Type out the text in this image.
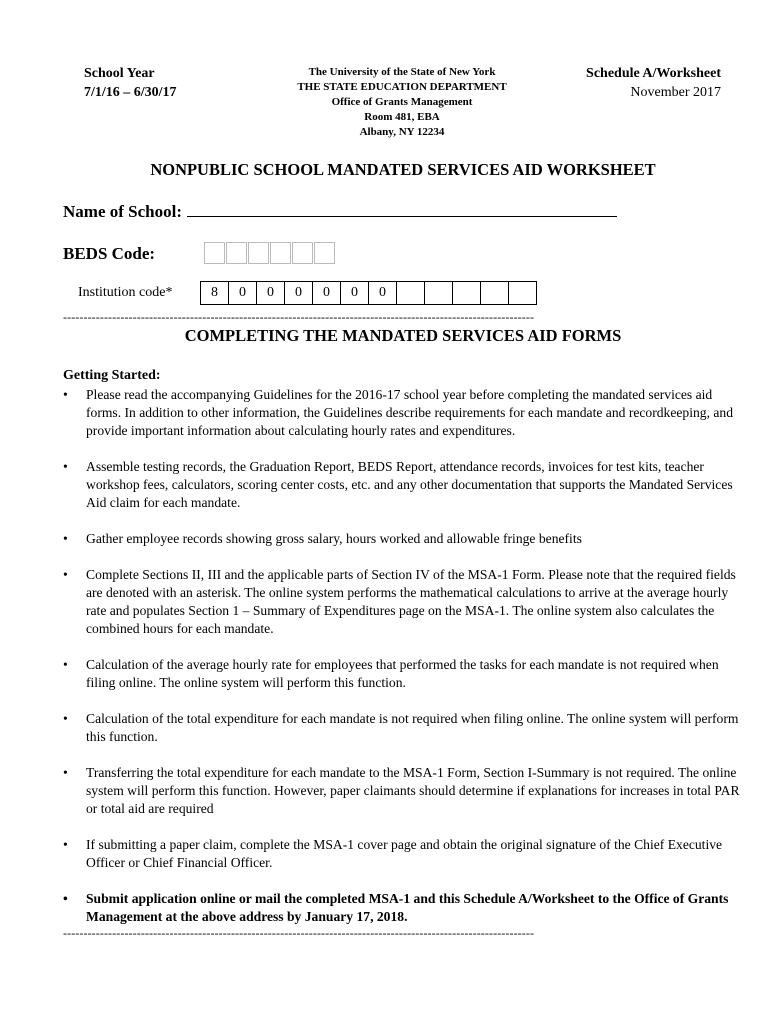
School Year
7/1/16 – 6/30/17
The University of the State of New York
THE STATE EDUCATION DEPARTMENT
Office of Grants Management
Room 481, EBA
Albany, NY 12234
Schedule A/Worksheet
November 2017
NONPUBLIC SCHOOL MANDATED SERVICES AID WORKSHEET
Name of School:
BEDS Code:
Institution code*	8	0	0	0	0	0	0					
-------------------------------------------------------------------------------------------------------------------
COMPLETING THE MANDATED SERVICES AID FORMS
Getting Started:
• Please read the accompanying Guidelines for the 2016-17 school year before completing the mandated services aid forms. In addition to other information, the Guidelines describe requirements for each mandate and recordkeeping, and provide important information about calculating hourly rates and expenditures.
• Assemble testing records, the Graduation Report, BEDS Report, attendance records, invoices for test kits, teacher workshop fees, calculators, scoring center costs, etc. and any other documentation that supports the Mandated Services Aid claim for each mandate.
• Gather employee records showing gross salary, hours worked and allowable fringe benefits
• Complete Sections II, III and the applicable parts of Section IV of the MSA-1 Form. Please note that the required fields are denoted with an asterisk. The online system performs the mathematical calculations to arrive at the average hourly rate and populates Section 1 – Summary of Expenditures page on the MSA-1. The online system also calculates the combined hours for each mandate.
• Calculation of the average hourly rate for employees that performed the tasks for each mandate is not required when filing online. The online system will perform this function.
• Calculation of the total expenditure for each mandate is not required when filing online. The online system will perform this function.
• Transferring the total expenditure for each mandate to the MSA-1 Form, Section I-Summary is not required. The online system will perform this function. However, paper claimants should determine if explanations for increases in total PAR or total aid are required
• If submitting a paper claim, complete the MSA-1 cover page and obtain the original signature of the Chief Executive Officer or Chief Financial Officer.
• Submit application online or mail the completed MSA-1 and this Schedule A/Worksheet to the Office of Grants Management at the above address by January 17, 2018.
-------------------------------------------------------------------------------------------------------------------
